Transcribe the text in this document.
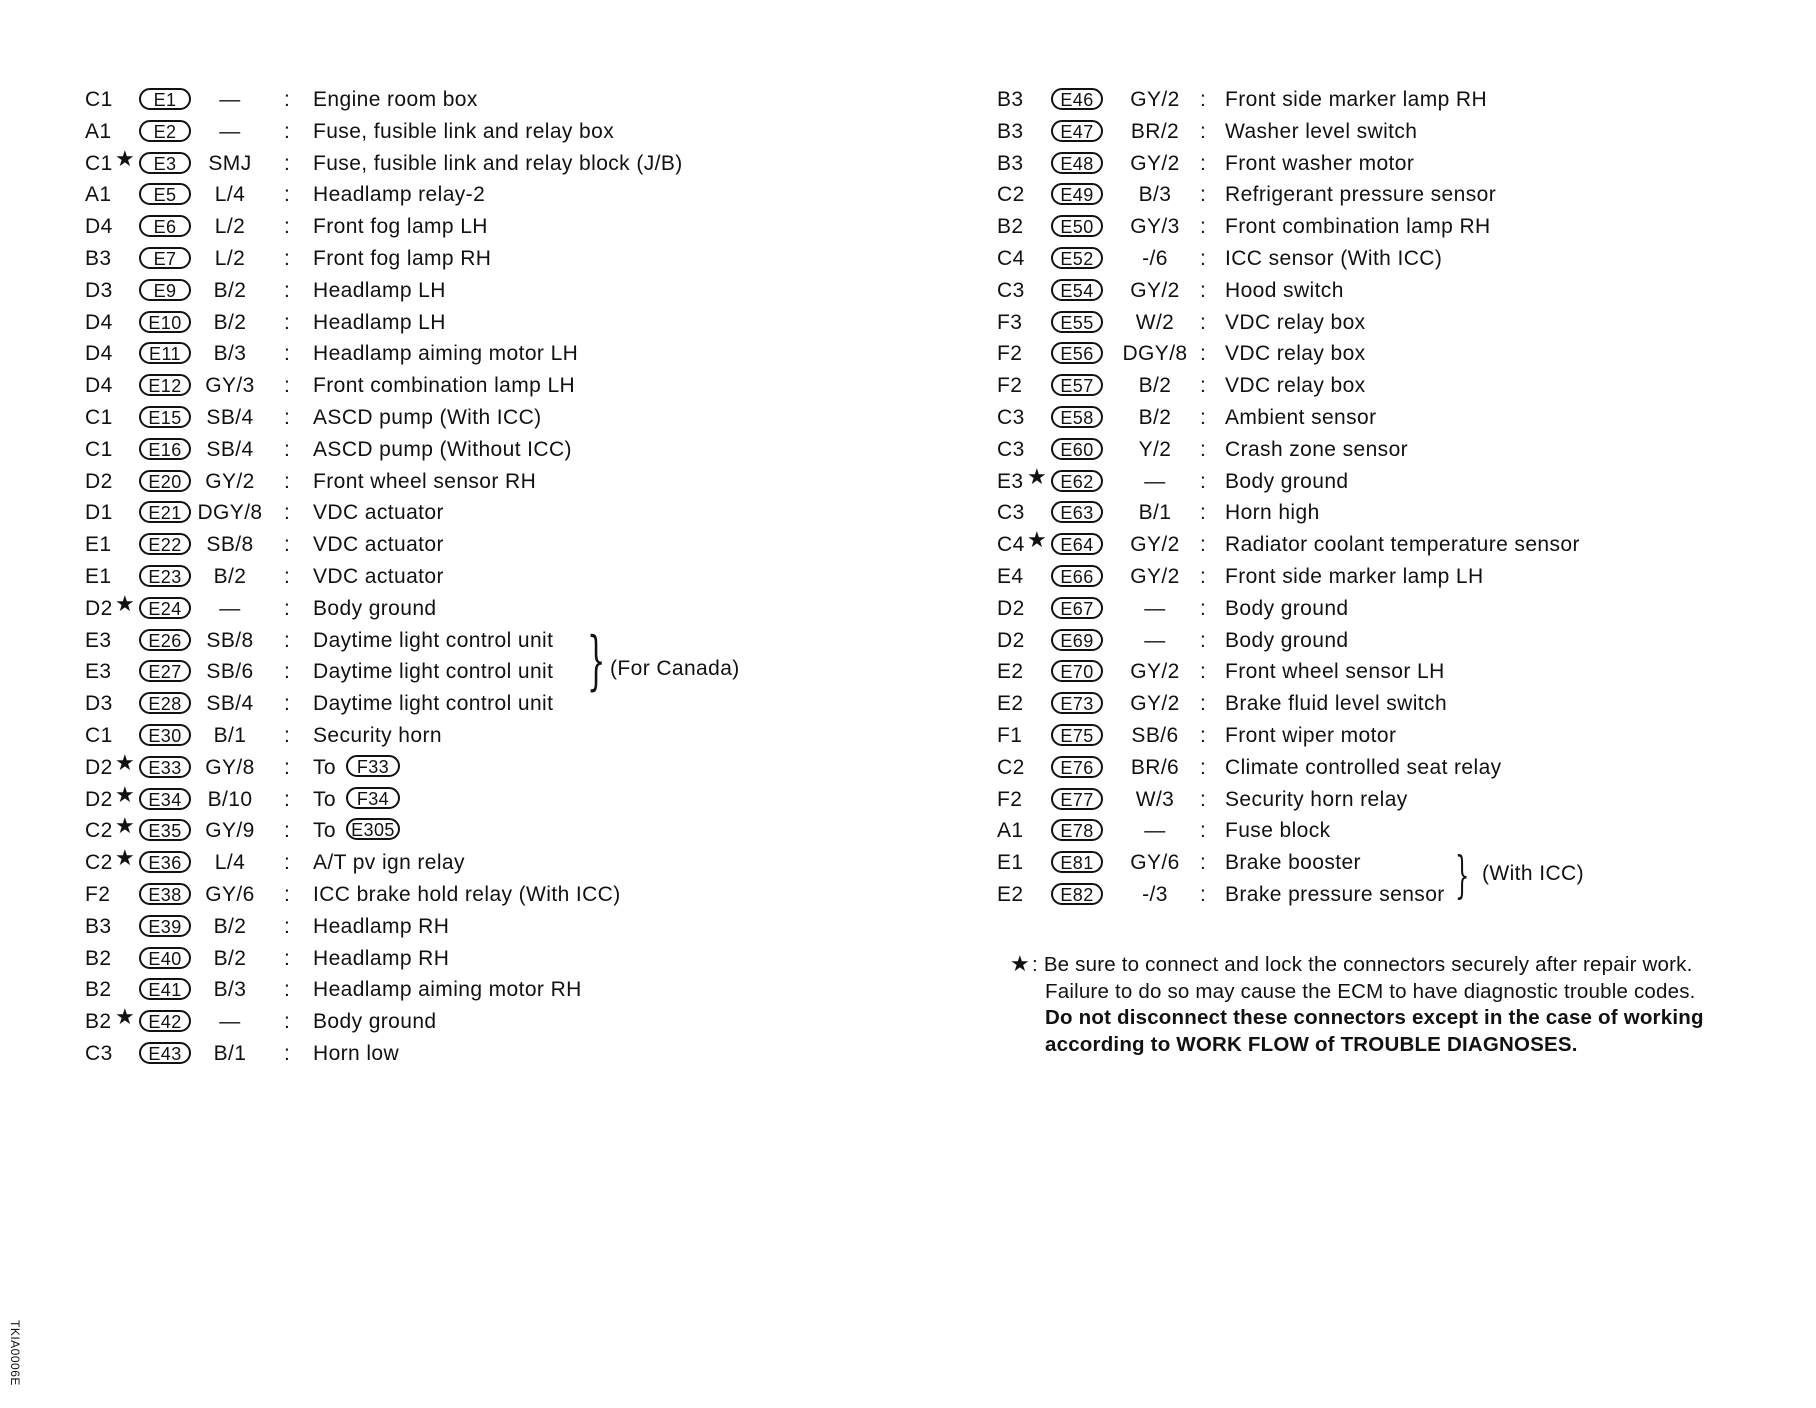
C1	E1	—	: Engine room box
A1	E2	—	: Fuse, fusible link and relay box
C1 ★	E3	SMJ	: Fuse, fusible link and relay block (J/B)
A1	E5	L/4	: Headlamp relay-2
D4	E6	L/2	: Front fog lamp LH
B3	E7	L/2	: Front fog lamp RH
D3	E9	B/2	: Headlamp LH
D4	E10	B/2	: Headlamp LH
D4	E11	B/3	: Headlamp aiming motor LH
D4	E12	GY/3	: Front combination lamp LH
C1	E15	SB/4	: ASCD pump (With ICC)
C1	E16	SB/4	: ASCD pump (Without ICC)
D2	E20	GY/2	: Front wheel sensor RH
D1	E21 DGY/8	: VDC actuator
E1	E22	SB/8	: VDC actuator
E1	E23	B/2	: VDC actuator
D2 ★ E24	—	: Body ground
E3	E26	SB/8	: Daytime light control unit
E3	E27	SB/6	: Daytime light control unit
D3	E28	SB/4	: Daytime light control unit
C1	E30	B/1	: Security horn
D2 ★ E33	GY/8	: To F33
D2 ★ E34	B/10	: To F34
C2 ★ E35	GY/9	: To E305
C2 ★ E36	L/4	: A/T pv ign relay
F2	E38	GY/6	: ICC brake hold relay (With ICC)
B3	E39	B/2	: Headlamp RH
B2	E40	B/2	: Headlamp RH
B2	E41	B/3	: Headlamp aiming motor RH
B2 ★ E42	—	: Body ground
C3	E43	B/1	: Horn low
B3	E46	GY/2 : Front side marker lamp RH
B3	E47	BR/2 : Washer level switch
B3	E48	GY/2 : Front washer motor
C2	E49	B/3	: Refrigerant pressure sensor
B2	E50	GY/3 : Front combination lamp RH
C4	E52	-/6	: ICC sensor (With ICC)
C3	E54	GY/2 : Hood switch
F3	E55	W/2	: VDC relay box
F2	E56	DGY/8 : VDC relay box
F2	E57	B/2	: VDC relay box
C3	E58	B/2	: Ambient sensor
C3	E60	Y/2	: Crash zone sensor
E3 ★ E62	—	: Body ground
C3	E63	B/1	: Horn high
C4 ★ E64	GY/2 : Radiator coolant temperature sensor
E4	E66	GY/2 : Front side marker lamp LH
D2	E67	—	: Body ground
D2	E69	—	: Body ground
E2	E70	GY/2 : Front wheel sensor LH
E2	E73	GY/2 : Brake fluid level switch
F1	E75	SB/6	: Front wiper motor
C2	E76	BR/6 : Climate controlled seat relay
F2	E77	W/3	: Security horn relay
A1	E78	—	: Fuse block
E1	E81	GY/6 : Brake booster
E2	E82	-/3	: Brake pressure sensor
} (For Canada)
} (With ICC)
★ : Be sure to connect and lock the connectors securely after repair work.
Failure to do so may cause the ECM to have diagnostic trouble codes.
Do not disconnect these connectors except in the case of working
according to WORK FLOW of TROUBLE DIAGNOSES.
TKIA0006E
